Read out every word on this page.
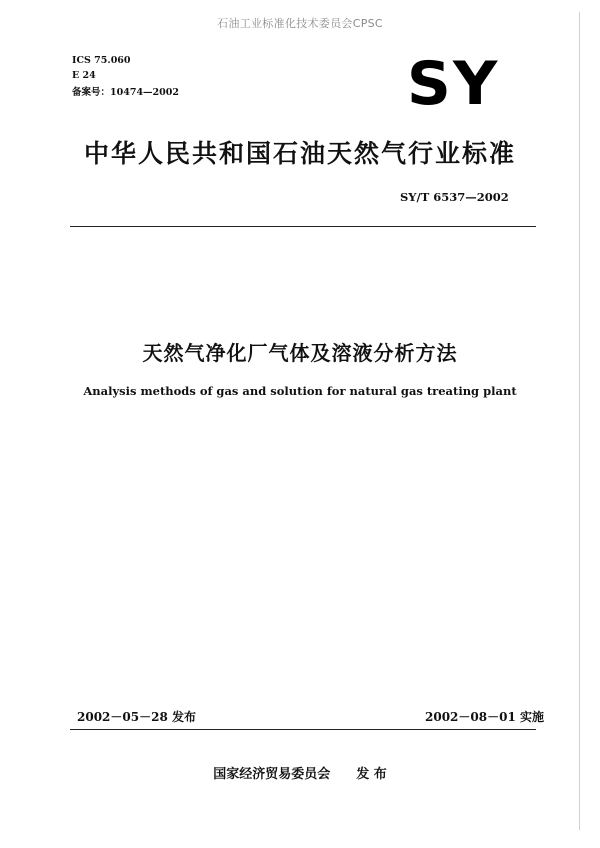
石油工业标准化技术委员会CPSC
ICS 75.060
E 24
备案号：10474—2002	SY
中华人民共和国石油天然气行业标准
SY/T 6537—2002
天然气净化厂气体及溶液分析方法
Analysis methods of gas and solution for natural gas treating plant
2002－05－28 发布	2002－08－01 实施
国家经济贸易委员会 发 布
